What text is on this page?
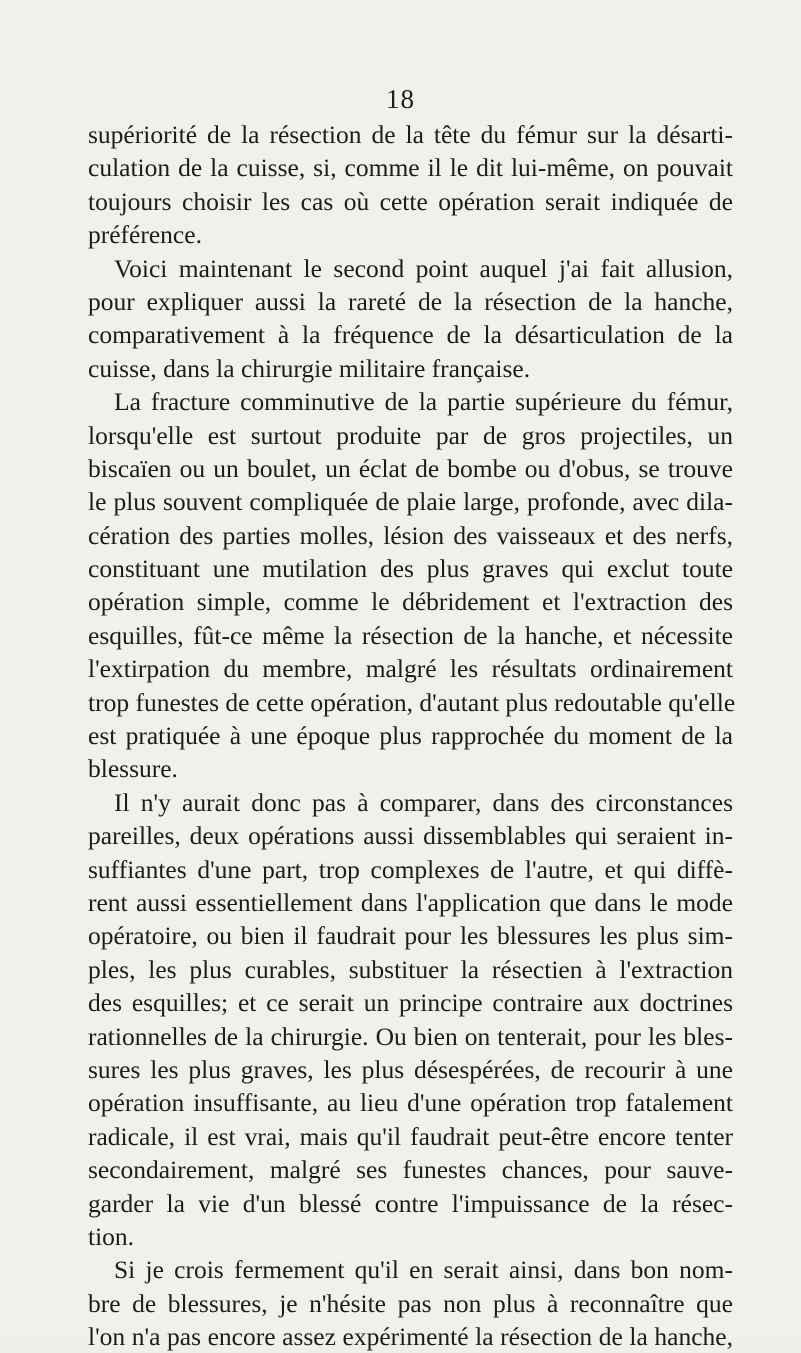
18
supériorité de la résection de la tête du fémur sur la désarti-
culation de la cuisse, si, comme il le dit lui-même, on pouvait
toujours choisir les cas où cette opération serait indiquée de
préférence.
Voici maintenant le second point auquel j'ai fait allusion,
pour expliquer aussi la rareté de la résection de la hanche,
comparativement à la fréquence de la désarticulation de la
cuisse, dans la chirurgie militaire française.
La fracture comminutive de la partie supérieure du fémur,
lorsqu'elle est surtout produite par de gros projectiles, un
biscaïen ou un boulet, un éclat de bombe ou d'obus, se trouve
le plus souvent compliquée de plaie large, profonde, avec dila-
cération des parties molles, lésion des vaisseaux et des nerfs,
constituant une mutilation des plus graves qui exclut toute
opération simple, comme le débridement et l'extraction des
esquilles, fût-ce même la résection de la hanche, et nécessite
l'extirpation du membre, malgré les résultats ordinairement
trop funestes de cette opération, d'autant plus redoutable qu'elle
est pratiquée à une époque plus rapprochée du moment de la
blessure.
Il n'y aurait donc pas à comparer, dans des circonstances
pareilles, deux opérations aussi dissemblables qui seraient in-
suffiantes d'une part, trop complexes de l'autre, et qui diffè-
rent aussi essentiellement dans l'application que dans le mode
opératoire, ou bien il faudrait pour les blessures les plus sim-
ples, les plus curables, substituer la résectien à l'extraction
des esquilles; et ce serait un principe contraire aux doctrines
rationnelles de la chirurgie. Ou bien on tenterait, pour les bles-
sures les plus graves, les plus désespérées, de recourir à une
opération insuffisante, au lieu d'une opération trop fatalement
radicale, il est vrai, mais qu'il faudrait peut-être encore tenter
secondairement, malgré ses funestes chances, pour sauve-
garder la vie d'un blessé contre l'impuissance de la résec-
tion.
Si je crois fermement qu'il en serait ainsi, dans bon nom-
bre de blessures, je n'hésite pas non plus à reconnaître que
l'on n'a pas encore assez expérimenté la résection de la hanche,
